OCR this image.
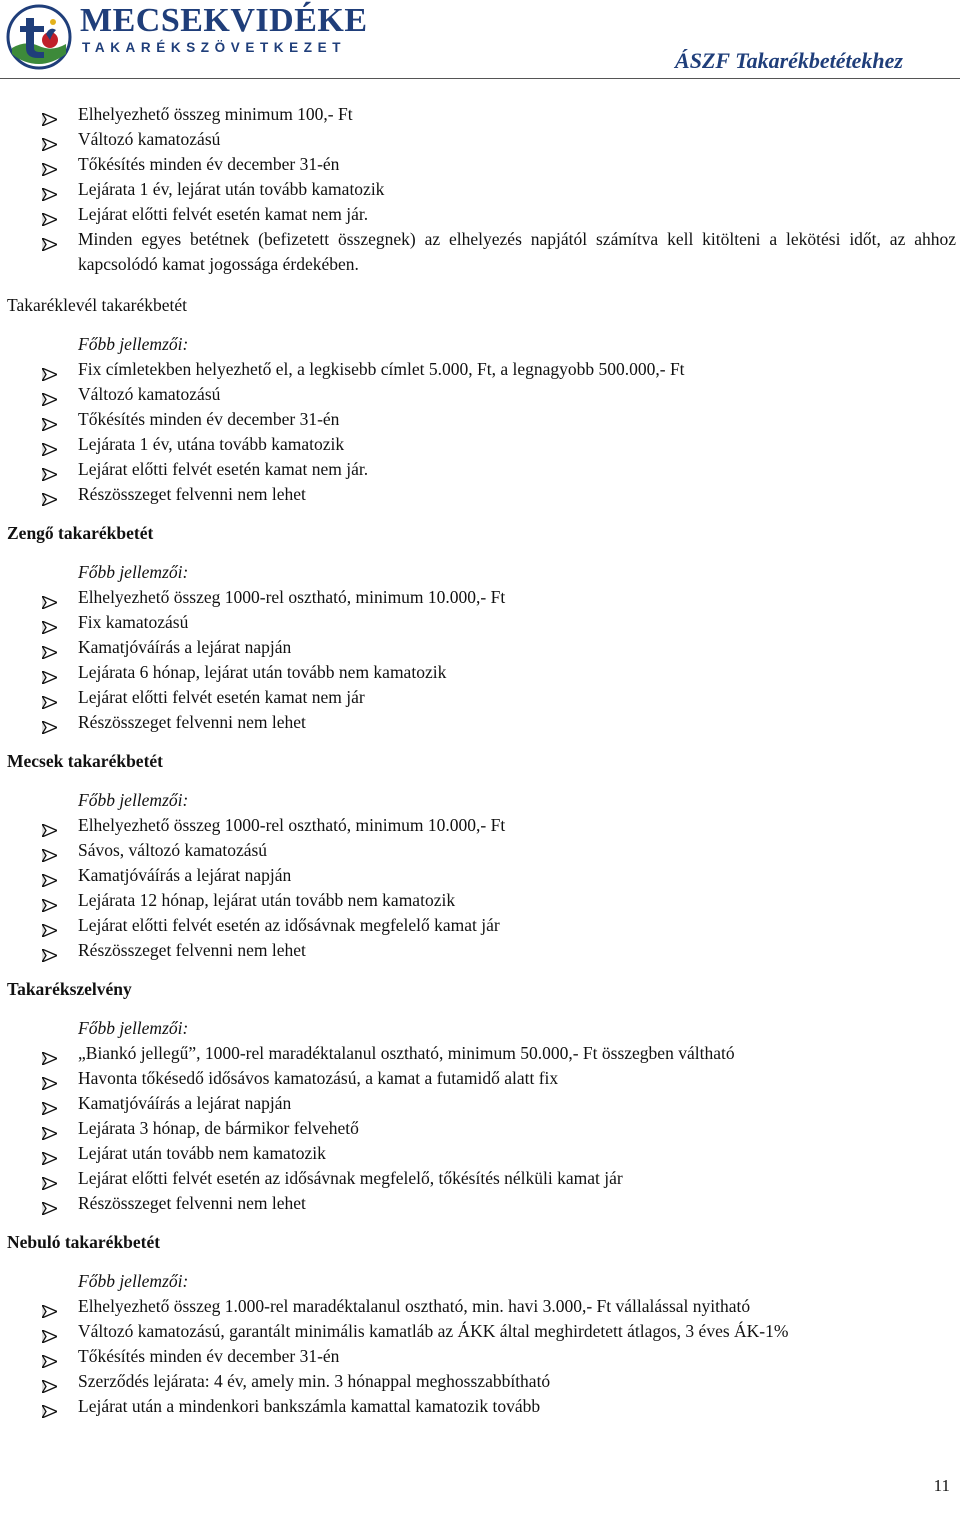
MECSEKVIDÉKE
TAKARÉKSZÖVETKEZET
ÁSZF Takarékbetétekhez
Elhelyezhető összeg minimum 100,- Ft
Változó kamatozású
Tőkésítés minden év december 31-én
Lejárata 1 év, lejárat után tovább kamatozik
Lejárat előtti felvét esetén kamat nem jár.
Minden egyes betétnek (befizetett összegnek) az elhelyezés napjától számítva kell kitölteni a lekötési időt, az ahhoz kapcsolódó kamat jogossága érdekében.
Takaréklevél takarékbetét
Főbb jellemzői:
Fix címletekben helyezhető el, a legkisebb címlet 5.000, Ft, a legnagyobb 500.000,- Ft
Változó kamatozású
Tőkésítés minden év december 31-én
Lejárata 1 év, utána tovább kamatozik
Lejárat előtti felvét esetén kamat nem jár.
Részösszeget felvenni nem lehet
Zengő takarékbetét
Főbb jellemzői:
Elhelyezhető összeg 1000-rel osztható, minimum 10.000,- Ft
Fix kamatozású
Kamatjóváírás a lejárat napján
Lejárata 6 hónap, lejárat után tovább nem kamatozik
Lejárat előtti felvét esetén kamat nem jár
Részösszeget felvenni nem lehet
Mecsek takarékbetét
Főbb jellemzői:
Elhelyezhető összeg 1000-rel osztható, minimum 10.000,- Ft
Sávos, változó kamatozású
Kamatjóváírás a lejárat napján
Lejárata 12 hónap, lejárat után tovább nem kamatozik
Lejárat előtti felvét esetén az idősávnak megfelelő kamat jár
Részösszeget felvenni nem lehet
Takarékszelvény
Főbb jellemzői:
„Biankó jellegű”, 1000-rel maradéktalanul osztható, minimum 50.000,- Ft összegben váltható
Havonta tőkésedő idősávos kamatozású, a kamat a futamidő alatt fix
Kamatjóváírás a lejárat napján
Lejárata 3 hónap, de bármikor felvehető
Lejárat után tovább nem kamatozik
Lejárat előtti felvét esetén az idősávnak megfelelő, tőkésítés nélküli kamat jár
Részösszeget felvenni nem lehet
Nebuló takarékbetét
Főbb jellemzői:
Elhelyezhető összeg 1.000-rel maradéktalanul osztható, min. havi 3.000,- Ft vállalással nyitható
Változó kamatozású, garantált minimális kamatláb az ÁKK által meghirdetett átlagos, 3 éves ÁK-1%
Tőkésítés minden év december 31-én
Szerződés lejárata: 4 év, amely min. 3 hónappal meghosszabbítható
Lejárat után a mindenkori bankszámla kamattal kamatozik tovább
11
